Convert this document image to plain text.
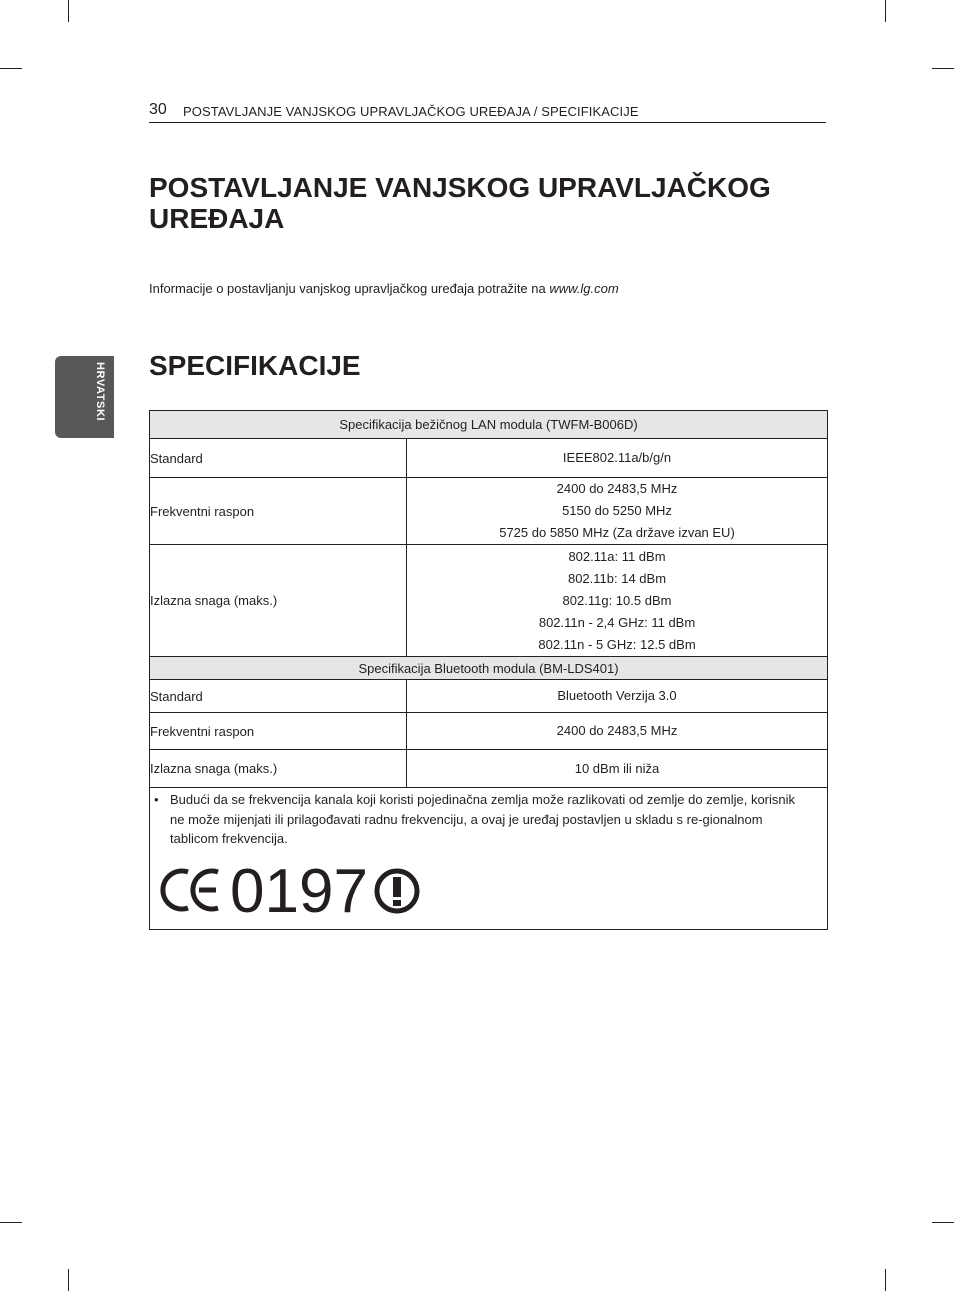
30 POSTAVLJANJE VANJSKOG UPRAVLJAČKOG UREĐAJA / SPECIFIKACIJE
HRVATSKI
POSTAVLJANJE VANJSKOG UPRAVLJAČKOG UREĐAJA

Informacije o postavljanju vanjskog upravljačkog uređaja potražite na www.lg.com

SPECIFIKACIJE
Specifikacija bežičnog LAN modula (TWFM-B006D)	
Standard	IEEE802.11a/b/g/n

Frekventni raspon	2400 do 2483,5 MHz
5150 do 5250 MHz
5725 do 5850 MHz (Za države izvan EU)

Izlazna snaga (maks.)	802.11a: 11 dBm
802.11b: 14 dBm
802.11g: 10.5 dBm
802.11n - 2,4 GHz: 11 dBm
802.11n - 5 GHz: 12.5 dBm

Specifikacija Bluetooth modula (BM-LDS401)	
Standard	Bluetooth Verzija 3.0

Frekventni raspon	2400 do 2483,5 MHz

Izlazna snaga (maks.)	10 dBm ili niža

• Budući da se frekvencija kanala koji koristi pojedinačna zemlja može razlikovati od zemlje do zemlje, korisnik ne može mijenjati ili prilagođavati radnu frekvenciju, a ovaj je uređaj postavljen u skladu s re-gionalnom tablicom frekvencija.
0197	
